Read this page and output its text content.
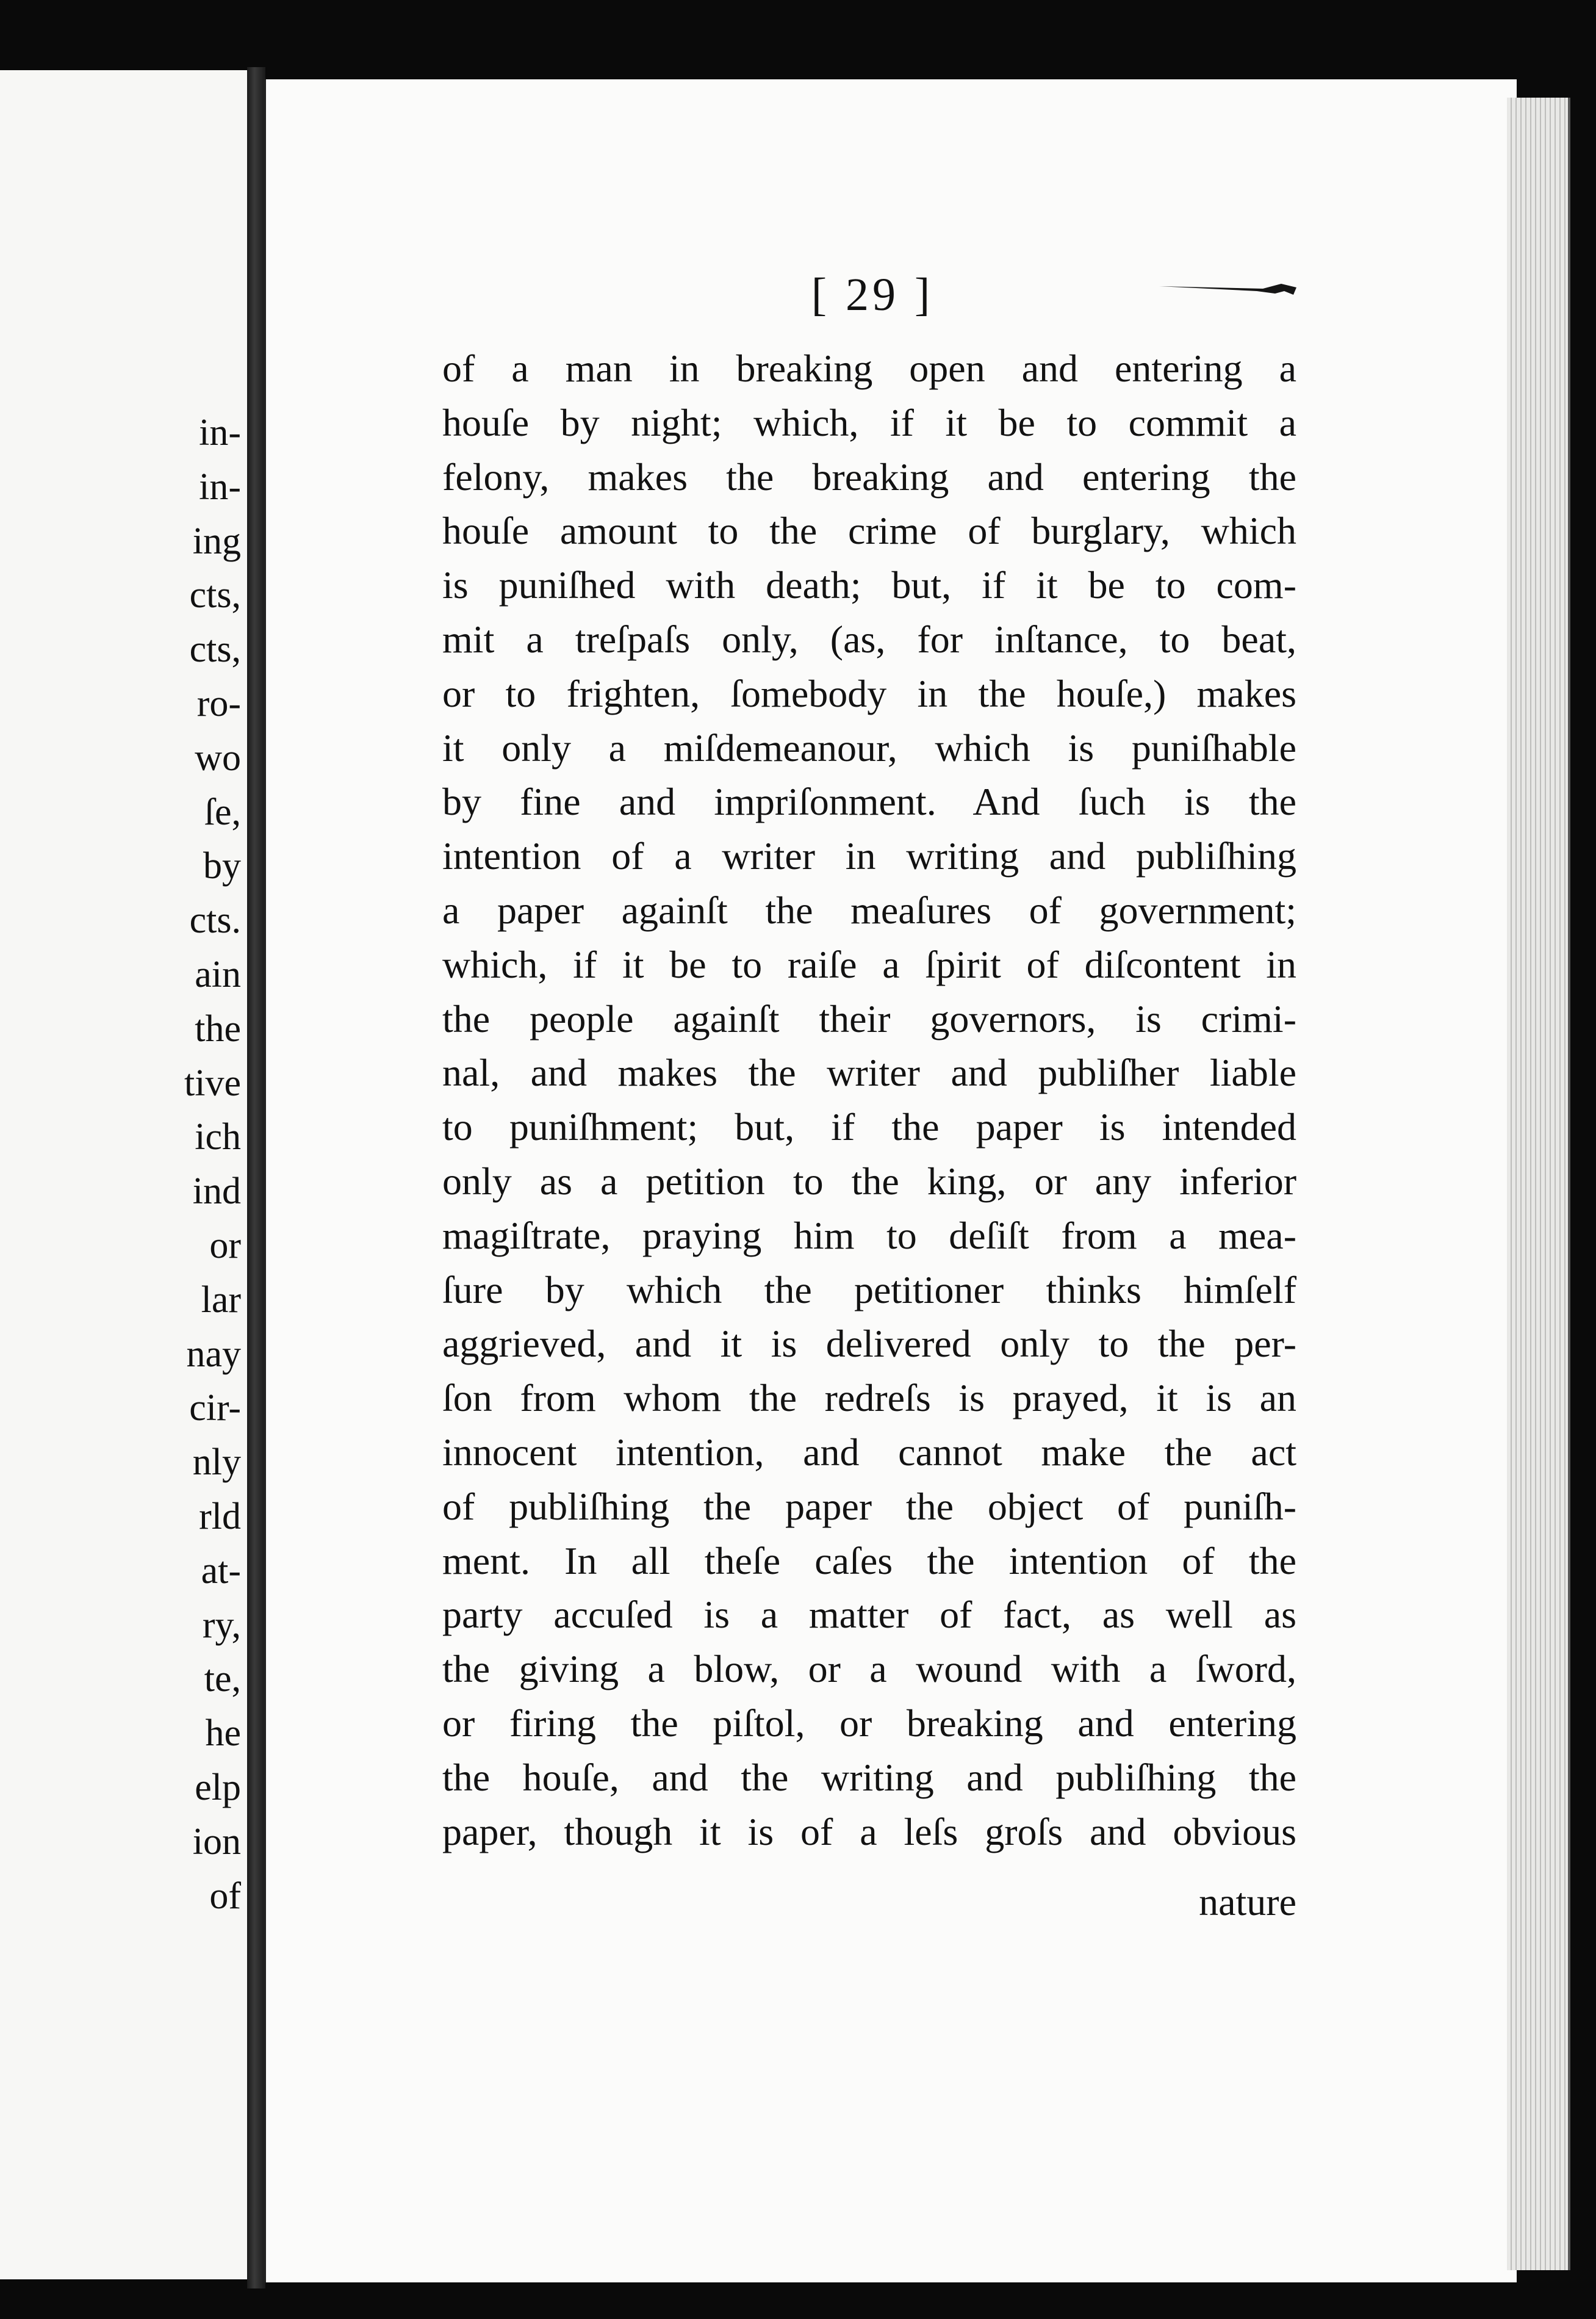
in-
in-
ing
cts,
cts,
ro-
wo
ſe,
by
cts.
ain
the
tive
ich
ind
or
lar
nay
cir-
nly
rld
at-
ry,
te,
he
elp
ion
of
[ 29 ]
of a man in breaking open and entering a
houſe by night; which, if it be to commit a
felony, makes the breaking and entering the
houſe amount to the crime of burglary, which
is puniſhed with death; but, if it be to com-
mit a treſpaſs only, (as, for inſtance, to beat,
or to frighten, ſomebody in the houſe,) makes
it only a miſdemeanour, which is puniſhable
by fine and impriſonment. And ſuch is the
intention of a writer in writing and publiſhing
a paper againſt the meaſures of government;
which, if it be to raiſe a ſpirit of diſcontent in
the people againſt their governors, is crimi-
nal, and makes the writer and publiſher liable
to puniſhment; but, if the paper is intended
only as a petition to the king, or any inferior
magiſtrate, praying him to deſiſt from a mea-
ſure by which the petitioner thinks himſelf
aggrieved, and it is delivered only to the per-
ſon from whom the redreſs is prayed, it is an
innocent intention, and cannot make the act
of publiſhing the paper the object of puniſh-
ment. In all theſe caſes the intention of the
party accuſed is a matter of fact, as well as
the giving a blow, or a wound with a ſword,
or firing the piſtol, or breaking and entering
the houſe, and the writing and publiſhing the
paper, though it is of a leſs groſs and obvious
nature
